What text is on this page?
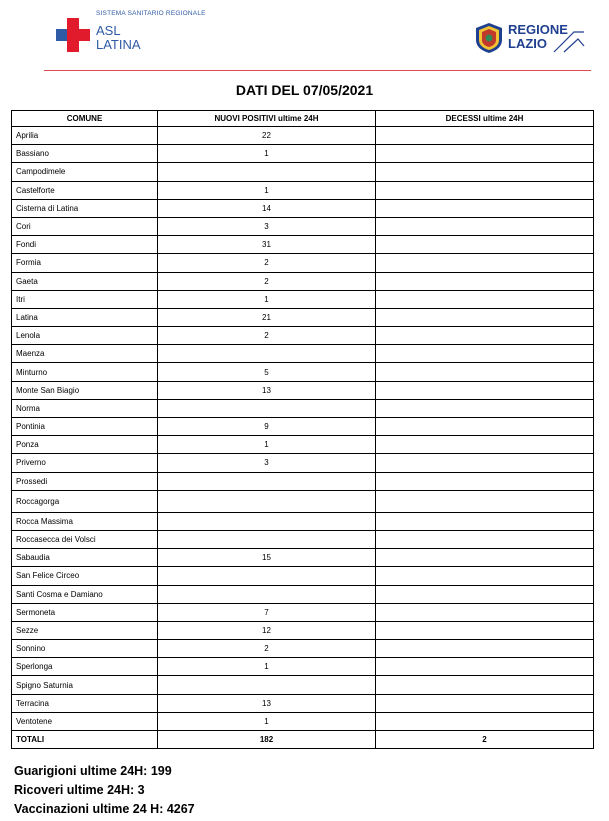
SISTEMA SANITARIO REGIONALE
ASL
LATINA
REGIONE
LAZIO
DATI DEL 07/05/2021
COMUNE	NUOVI POSITIVI ultime 24H	DECESSI ultime 24H
Aprilia	22	
Bassiano	1	
Campodimele		
Castelforte	1	
Cisterna di Latina	14	
Cori	3	
Fondi	31	
Formia	2	
Gaeta	2	
Itri	1	
Latina	21	
Lenola	2	
Maenza		
Minturno	5	
Monte San Biagio	13	
Norma		
Pontinia	9	
Ponza	1	
Priverno	3	
Prossedi		
Roccagorga		
Rocca Massima		
Roccasecca dei Volsci		
Sabaudia	15	
San Felice Circeo		
Santi Cosma e Damiano		
Sermoneta	7	
Sezze	12	
Sonnino	2	
Sperlonga	1	
Spigno Saturnia		
Terracina	13	
Ventotene	1	
TOTALI	182	2
Guarigioni ultime 24H: 199
Ricoveri ultime 24H: 3
Vaccinazioni ultime 24 H: 4267
